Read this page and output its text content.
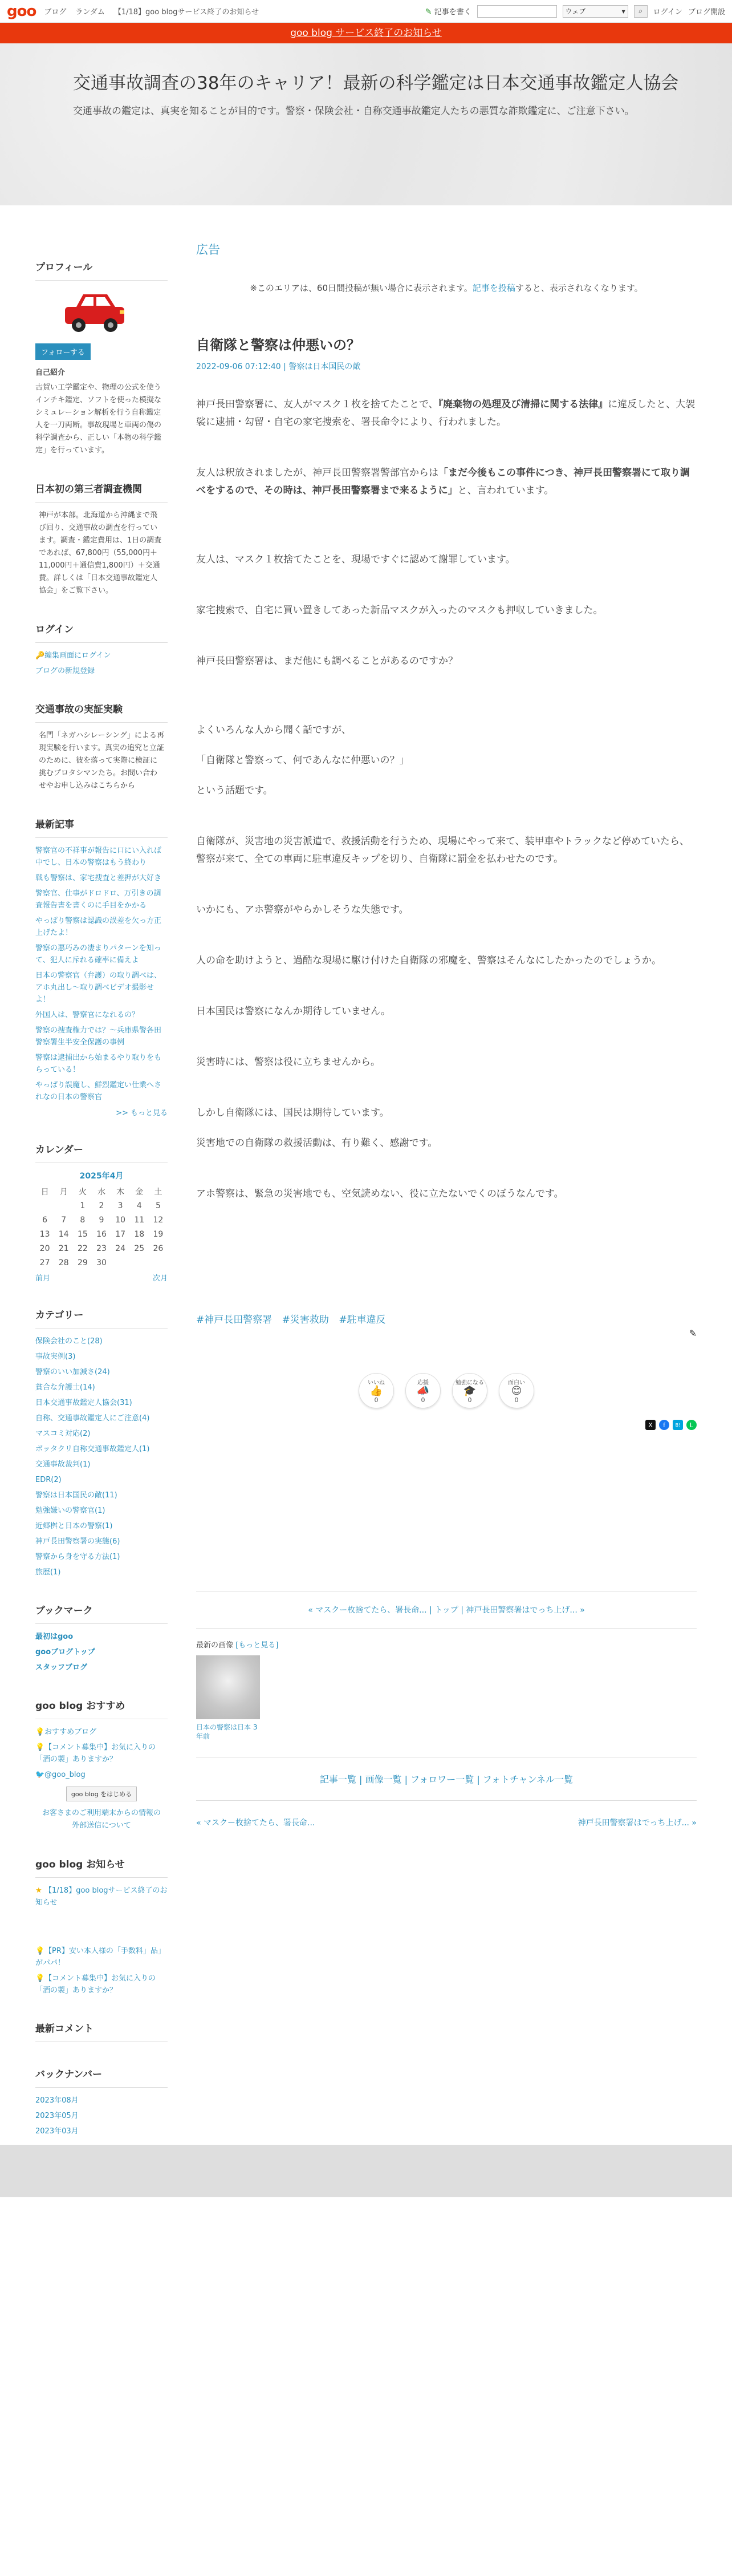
goo ブログ ランダム 【1/18】goo blogサービス終了のお知らせ	✎ 記事を書く	ウェブ	▾ ⌕ ログイン ブログ開設
goo blog サービス終了のお知らせ
交通事故調査の38年のキャリア！最新の科学鑑定は日本交通事故鑑定人協会
交通事故の鑑定は、真実を知ることが目的です。警察・保険会社・自称交通事故鑑定人たちの悪質な詐欺鑑定に、ご注意下さい。
プロフィール
フォローする
自己紹介
古賀い工学鑑定や、物理の公式を使うインチキ鑑定、ソフトを使った模擬なシミュレーション解析を行う自称鑑定人を一刀両断。事故現場と車両の傷の科学調査から、正しい「本物の科学鑑定」を行っています。
日本初の第三者調査機関
神戸が本部。北海道から沖縄まで飛び回り、交通事故の調査を行っています。調査・鑑定費用は、1日の調査であれば、67,800円（55,000円＋11,000円＋通信費1,800円）＋交通費。詳しくは「日本交通事故鑑定人協会」をご覧下さい。
ログイン
🔑編集画面にログイン
ブログの新規登録
交通事故の実証実験
名門「ネガハシレーシング」による再現実験を行います。真実の追究と立証のために、彼を落って実際に検証に挑むプロタシマンたち。お問い合わせやお申し込みはこちらから
最新記事
警察官の不祥事が報告に口にい入れば中でし、日本の警察はもう終わり
戦も警察は、家宅捜査と差押が大好き
警察官、仕事がドロドロ、万引きの調査報告書を書くのに手目をかかる
やっぱり警察は認識の誤差を欠っ方正上げたよ！
警察の悪巧みの凄まりパターンを知って、犯人に斥れる確率に備えよ
日本の警察官（弁護）の取り調べは、アホ丸出し〜取り調べビデオ撮影せよ！
外国人は、警察官になれるの？
警察の捜査権力では？〜兵庫県警各田警察署生半安全保護の事例
警察は逮捕出から始まるやり取りをもらっている！
やっぱり誤魔し、鮮烈鑑定い仕業へされなの日本の警察官
>> もっと見る
カレンダー
2025年4月
日	月	火	水	木	金	土
		1	2	3	4	5
6	7	8	9	10	11	12
13	14	15	16	17	18	19
20	21	22	23	24	25	26
27	28	29	30			
前月	次月
カテゴリー
保険会社のこと(28)
事故実例(3)
警察のいい加減さ(24)
貧合な弁護士(14)
日本交通事故鑑定人協会(31)
自称、交通事故鑑定人にご注意(4)
マスコミ対応(2)
ボッタクリ自称交通事故鑑定人(1)
交通事故裁判(1)
EDR(2)
警察は日本国民の敵(11)
勉強嫌いの警察官(1)
近郷桝と日本の警察(1)
神戸長田警察署の実態(6)
警察から身を守る方法(1)
旅歴(1)
ブックマーク
最初はgoo
gooブログトップ
スタッフブログ
goo blog おすすめ
💡おすすめブログ
💡【コメント募集中】お気に入りの「酒の製」ありますか？
🐦@goo_blog
goo blog をはじめる
お客さまのご利用端末からの情報の外部送信について
goo blog お知らせ
★ 【1/18】goo blogサービス終了のお知らせ
💡【PR】安い本人様の「手数料」品」がパパ！
💡【コメント募集中】お気に入りの「酒の製」ありますか？
最新コメント
バックナンバー
2023年08月
2023年05月
2023年03月
広告
※このエリアは、60日間投稿が無い場合に表示されます。記事を投稿すると、表示されなくなります。
自衛隊と警察は仲悪いの？
2022-09-06 07:12:40 | 警察は日本国民の敵

神戸長田警察署に、友人がマスク１枚を捨てたことで、『廃棄物の処理及び清掃に関する法律』に違反したと、大袈裟に逮捕・勾留・自宅の家宅捜索を、署長命令により、行われました。

友人は釈放されましたが、神戸長田警察署警部官からは「まだ今後もこの事件につき、神戸長田警察署にて取り調べをするので、その時は、神戸長田警察署まで来るように」と、言われています。

友人は、マスク１枚捨てたことを、現場ですぐに認めて謝罪しています。

家宅捜索で、自宅に買い置きしてあった新品マスクが入ったのマスクも押収していきました。

神戸長田警察署は、まだ他にも調べることがあるのですか？

よくいろんな人から聞く話ですが、

「自衛隊と警察って、何であんなに仲悪いの？」

という話題です。

自衛隊が、災害地の災害派遣で、救援活動を行うため、現場にやって来て、装甲車やトラックなど停めていたら、警察が来て、全ての車両に駐車違反キップを切り、自衛隊に罰金を払わせたのです。

いかにも、アホ警察がやらかしそうな失態です。

人の命を助けようと、過酷な現場に駆け付けた自衛隊の邪魔を、警察はそんなにしたかったのでしょうか。

日本国民は警察になんか期待していません。

災害時には、警察は役に立ちませんから。

しかし自衛隊には、国民は期待しています。

災害地での自衛隊の救援活動は、有り難く、感謝です。

アホ警察は、緊急の災害地でも、空気読めない、役に立たないでくのぼうなんです。

#神戸長田警察署 #災害救助 #駐車違反
✎
いいね
👍
0
応援
📣
0
勉強になる
🎓
0
面白い
😊
0
X	f	B!	L
« マスクー枚捨てたら、署長命... | トップ | 神戸長田警察署はでっち上げ... »
最新の画像 [もっと見る]
日本の警察は日本 3年前
記事一覧 | 画像一覧 | フォロワー一覧 | フォトチャンネル一覧
« マスクー枚捨てたら、署長命...	神戸長田警察署はでっち上げ... »
